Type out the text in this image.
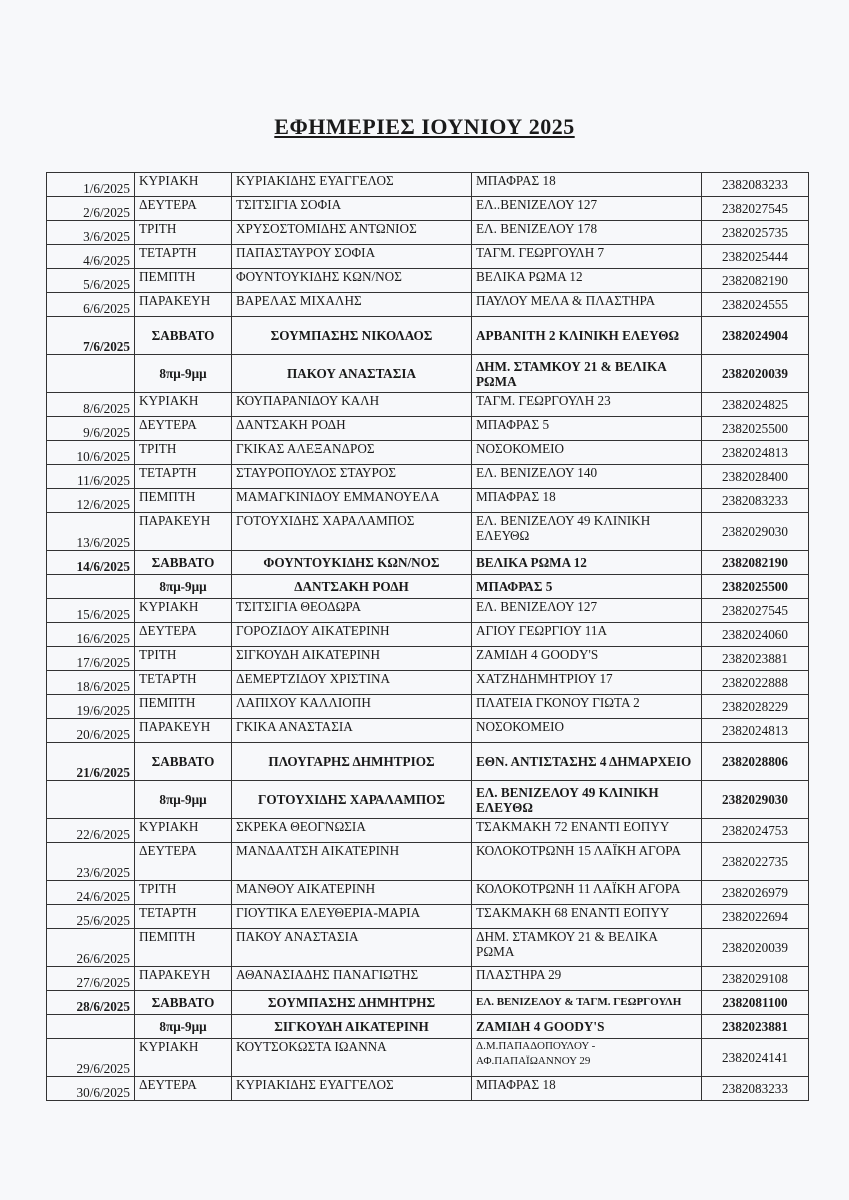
ΕΦΗΜΕΡΙΕΣ ΙΟΥΝΙΟΥ 2025
1/6/2025	ΚΥΡΙΑΚΗ	ΚΥΡΙΑΚΙΔΗΣ ΕΥΑΓΓΕΛΟΣ	ΜΠΑΦΡΑΣ 18	2382083233
2/6/2025	ΔΕΥΤΕΡΑ	ΤΣΙΤΣΙΓΙΑ ΣΟΦΙΑ	ΕΛ..ΒΕΝΙΖΕΛΟΥ 127	2382027545
3/6/2025	ΤΡΙΤΗ	ΧΡΥΣΟΣΤΟΜΙΔΗΣ ΑΝΤΩΝΙΟΣ	ΕΛ. ΒΕΝΙΖΕΛΟΥ 178	2382025735
4/6/2025	ΤΕΤΑΡΤΗ	ΠΑΠΑΣΤΑΥΡΟΥ ΣΟΦΙΑ	ΤΑΓΜ. ΓΕΩΡΓΟΥΛΗ 7	2382025444
5/6/2025	ΠΕΜΠΤΗ	ΦΟΥΝΤΟΥΚΙΔΗΣ ΚΩΝ/ΝΟΣ	ΒΕΛΙΚΑ ΡΩΜΑ 12	2382082190
6/6/2025	ΠΑΡΑΚΕΥΗ	ΒΑΡΕΛΑΣ ΜΙΧΑΛΗΣ	ΠΑΥΛΟΥ ΜΕΛΑ & ΠΛΑΣΤΗΡΑ	2382024555
7/6/2025	ΣΑΒΒΑΤΟ	ΣΟΥΜΠΑΣΗΣ ΝΙΚΟΛΑΟΣ	ΑΡΒΑΝΙΤΗ 2 ΚΛΙΝΙΚΗ ΕΛΕΥΘΩ	2382024904
	8πμ-9μμ	ΠΑΚΟΥ ΑΝΑΣΤΑΣΙΑ	ΔΗΜ. ΣΤΑΜΚΟΥ 21 & ΒΕΛΙΚΑ ΡΩΜΑ	2382020039
8/6/2025	ΚΥΡΙΑΚΗ	ΚΟΥΠΑΡΑΝΙΔΟΥ ΚΑΛΗ	ΤΑΓΜ. ΓΕΩΡΓΟΥΛΗ 23	2382024825
9/6/2025	ΔΕΥΤΕΡΑ	ΔΑΝΤΣΑΚΗ ΡΟΔΗ	ΜΠΑΦΡΑΣ 5	2382025500
10/6/2025	ΤΡΙΤΗ	ΓΚΙΚΑΣ ΑΛΕΞΑΝΔΡΟΣ	ΝΟΣΟΚΟΜΕΙΟ	2382024813
11/6/2025	ΤΕΤΑΡΤΗ	ΣΤΑΥΡΟΠΟΥΛΟΣ ΣΤΑΥΡΟΣ	ΕΛ. ΒΕΝΙΖΕΛΟΥ 140	2382028400
12/6/2025	ΠΕΜΠΤΗ	ΜΑΜΑΓΚΙΝΙΔΟΥ ΕΜΜΑΝΟΥΕΛΑ	ΜΠΑΦΡΑΣ 18	2382083233
13/6/2025	ΠΑΡΑΚΕΥΗ	ΓΟΤΟΥΧΙΔΗΣ ΧΑΡΑΛΑΜΠΟΣ	ΕΛ. ΒΕΝΙΖΕΛΟΥ 49 ΚΛΙΝΙΚΗ ΕΛΕΥΘΩ	2382029030
14/6/2025	ΣΑΒΒΑΤΟ	ΦΟΥΝΤΟΥΚΙΔΗΣ ΚΩΝ/ΝΟΣ	ΒΕΛΙΚΑ ΡΩΜΑ 12	2382082190
	8πμ-9μμ	ΔΑΝΤΣΑΚΗ ΡΟΔΗ	ΜΠΑΦΡΑΣ 5	2382025500
15/6/2025	ΚΥΡΙΑΚΗ	ΤΣΙΤΣΙΓΙΑ ΘΕΟΔΩΡΑ	ΕΛ. ΒΕΝΙΖΕΛΟΥ 127	2382027545
16/6/2025	ΔΕΥΤΕΡΑ	ΓΟΡΟΖΙΔΟΥ ΑΙΚΑΤΕΡΙΝΗ	ΑΓΙΟΥ ΓΕΩΡΓΙΟΥ 11Α	2382024060
17/6/2025	ΤΡΙΤΗ	ΣΙΓΚΟΥΔΗ ΑΙΚΑΤΕΡΙΝΗ	ΖΑΜΙΔΗ 4 GOODY'S	2382023881
18/6/2025	ΤΕΤΑΡΤΗ	ΔΕΜΕΡΤΖΙΔΟΥ ΧΡΙΣΤΙΝΑ	ΧΑΤΖΗΔΗΜΗΤΡΙΟΥ 17	2382022888
19/6/2025	ΠΕΜΠΤΗ	ΛΑΠΙΧΟΥ ΚΑΛΛΙΟΠΗ	ΠΛΑΤΕΙΑ ΓΚΟΝΟΥ ΓΙΩΤΑ 2	2382028229
20/6/2025	ΠΑΡΑΚΕΥΗ	ΓΚΙΚΑ ΑΝΑΣΤΑΣΙΑ	ΝΟΣΟΚΟΜΕΙΟ	2382024813
21/6/2025	ΣΑΒΒΑΤΟ	ΠΛΟΥΓΑΡΗΣ ΔΗΜΗΤΡΙΟΣ	ΕΘΝ. ΑΝΤΙΣΤΑΣΗΣ 4 ΔΗΜΑΡΧΕΙΟ	2382028806
	8πμ-9μμ	ΓΟΤΟΥΧΙΔΗΣ ΧΑΡΑΛΑΜΠΟΣ	ΕΛ. ΒΕΝΙΖΕΛΟΥ 49 ΚΛΙΝΙΚΗ ΕΛΕΥΘΩ	2382029030
22/6/2025	ΚΥΡΙΑΚΗ	ΣΚΡΕΚΑ ΘΕΟΓΝΩΣΙΑ	ΤΣΑΚΜΑΚΗ 72 ΕΝΑΝΤΙ ΕΟΠΥΥ	2382024753
23/6/2025	ΔΕΥΤΕΡΑ	ΜΑΝΔΑΛΤΣΗ ΑΙΚΑΤΕΡΙΝΗ	ΚΟΛΟΚΟΤΡΩΝΗ 15 ΛΑΪΚΗ ΑΓΟΡΑ	2382022735
24/6/2025	ΤΡΙΤΗ	ΜΑΝΘΟΥ ΑΙΚΑΤΕΡΙΝΗ	ΚΟΛΟΚΟΤΡΩΝΗ 11 ΛΑΪΚΗ ΑΓΟΡΑ	2382026979
25/6/2025	ΤΕΤΑΡΤΗ	ΓΙΟΥΤΙΚΑ ΕΛΕΥΘΕΡΙΑ-ΜΑΡΙΑ	ΤΣΑΚΜΑΚΗ 68 ΕΝΑΝΤΙ ΕΟΠΥΥ	2382022694
26/6/2025	ΠΕΜΠΤΗ	ΠΑΚΟΥ ΑΝΑΣΤΑΣΙΑ	ΔΗΜ. ΣΤΑΜΚΟΥ 21 & ΒΕΛΙΚΑ ΡΩΜΑ	2382020039
27/6/2025	ΠΑΡΑΚΕΥΗ	ΑΘΑΝΑΣΙΑΔΗΣ ΠΑΝΑΓΙΩΤΗΣ	ΠΛΑΣΤΗΡΑ 29	2382029108
28/6/2025	ΣΑΒΒΑΤΟ	ΣΟΥΜΠΑΣΗΣ ΔΗΜΗΤΡΗΣ	ΕΛ. ΒΕΝΙΖΕΛΟΥ & ΤΑΓΜ. ΓΕΩΡΓΟΥΛΗ	2382081100
	8πμ-9μμ	ΣΙΓΚΟΥΔΗ ΑΙΚΑΤΕΡΙΝΗ	ΖΑΜΙΔΗ 4 GOODY'S	2382023881
29/6/2025	ΚΥΡΙΑΚΗ	ΚΟΥΤΣΟΚΩΣΤΑ ΙΩΑΝΝΑ	Δ.Μ.ΠΑΠΑΔΟΠΟΥΛΟΥ - ΑΦ.ΠΑΠΑΪΩΑΝΝΟΥ 29	2382024141
30/6/2025	ΔΕΥΤΕΡΑ	ΚΥΡΙΑΚΙΔΗΣ ΕΥΑΓΓΕΛΟΣ	ΜΠΑΦΡΑΣ 18	2382083233
